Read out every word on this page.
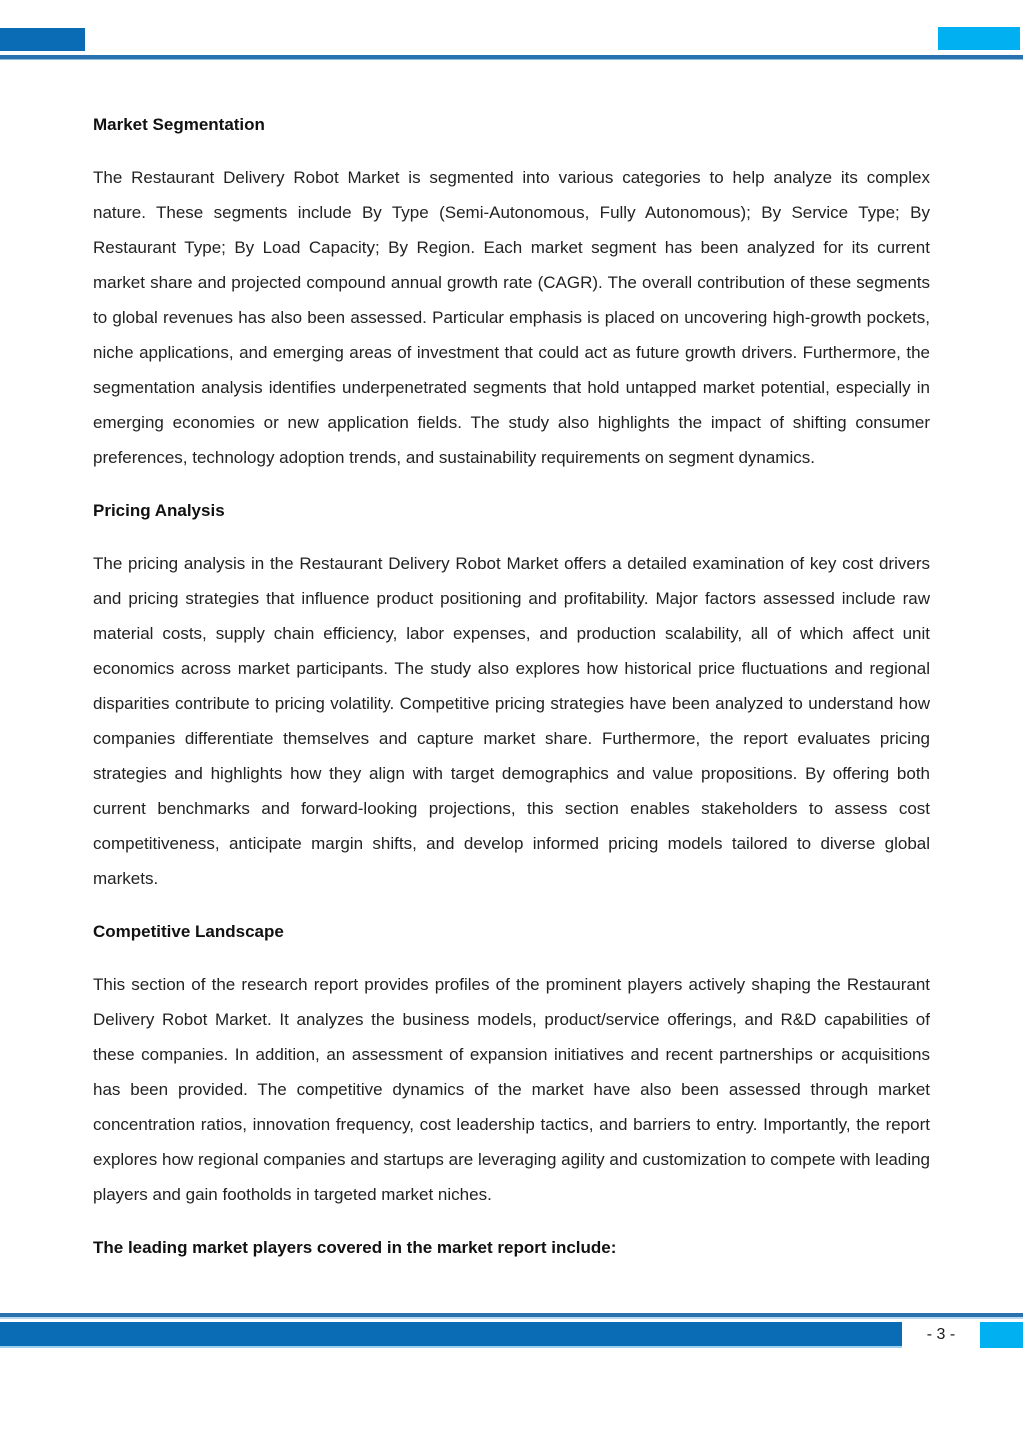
Market Segmentation

The Restaurant Delivery Robot Market is segmented into various categories to help analyze its complex nature. These segments include By Type (Semi-Autonomous, Fully Autonomous); By Service Type; By Restaurant Type; By Load Capacity; By Region. Each market segment has been analyzed for its current market share and projected compound annual growth rate (CAGR). The overall contribution of these segments to global revenues has also been assessed. Particular emphasis is placed on uncovering high-growth pockets, niche applications, and emerging areas of investment that could act as future growth drivers. Furthermore, the segmentation analysis identifies underpenetrated segments that hold untapped market potential, especially in emerging economies or new application fields. The study also highlights the impact of shifting consumer preferences, technology adoption trends, and sustainability requirements on segment dynamics.

Pricing Analysis

The pricing analysis in the Restaurant Delivery Robot Market offers a detailed examination of key cost drivers and pricing strategies that influence product positioning and profitability. Major factors assessed include raw material costs, supply chain efficiency, labor expenses, and production scalability, all of which affect unit economics across market participants. The study also explores how historical price fluctuations and regional disparities contribute to pricing volatility. Competitive pricing strategies have been analyzed to understand how companies differentiate themselves and capture market share. Furthermore, the report evaluates pricing strategies and highlights how they align with target demographics and value propositions. By offering both current benchmarks and forward-looking projections, this section enables stakeholders to assess cost competitiveness, anticipate margin shifts, and develop informed pricing models tailored to diverse global markets.

Competitive Landscape

This section of the research report provides profiles of the prominent players actively shaping the Restaurant Delivery Robot Market. It analyzes the business models, product/service offerings, and R&D capabilities of these companies. In addition, an assessment of expansion initiatives and recent partnerships or acquisitions has been provided. The competitive dynamics of the market have also been assessed through market concentration ratios, innovation frequency, cost leadership tactics, and barriers to entry. Importantly, the report explores how regional companies and startups are leveraging agility and customization to compete with leading players and gain footholds in targeted market niches.

The leading market players covered in the market report include:
- 3 -
